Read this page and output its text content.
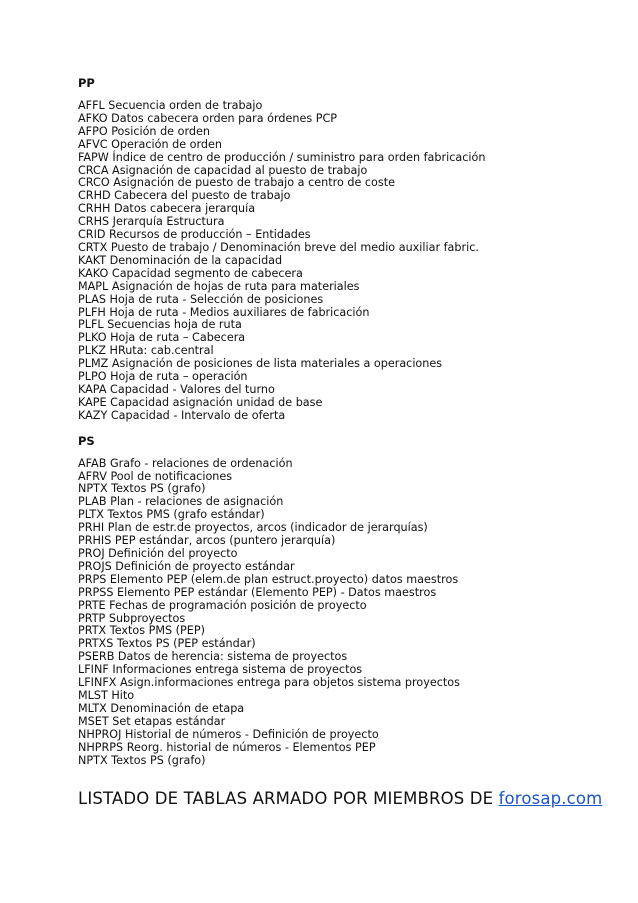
PP
AFFL Secuencia orden de trabajo
AFKO Datos cabecera orden para órdenes PCP
AFPO Posición de orden
AFVC Operación de orden
FAPW Índice de centro de producción / suministro para orden fabricación
CRCA Asignación de capacidad al puesto de trabajo
CRCO Asignación de puesto de trabajo a centro de coste
CRHD Cabecera del puesto de trabajo
CRHH Datos cabecera jerarquía
CRHS Jerarquía Estructura
CRID Recursos de producción – Entidades
CRTX Puesto de trabajo / Denominación breve del medio auxiliar fabric.
KAKT Denominación de la capacidad
KAKO Capacidad segmento de cabecera
MAPL Asignación de hojas de ruta para materiales
PLAS Hoja de ruta - Selección de posiciones
PLFH Hoja de ruta - Medios auxiliares de fabricación
PLFL Secuencias hoja de ruta
PLKO Hoja de ruta – Cabecera
PLKZ HRuta: cab.central
PLMZ Asignación de posiciones de lista materiales a operaciones
PLPO Hoja de ruta – operación
KAPA Capacidad - Valores del turno
KAPE Capacidad asignación unidad de base
KAZY Capacidad - Intervalo de oferta
PS
AFAB Grafo - relaciones de ordenación
AFRV Pool de notificaciones
NPTX Textos PS (grafo)
PLAB Plan - relaciones de asignación
PLTX Textos PMS (grafo estándar)
PRHI Plan de estr.de proyectos, arcos (indicador de jerarquías)
PRHIS PEP estándar, arcos (puntero jerarquía)
PROJ Definición del proyecto
PROJS Definición de proyecto estándar
PRPS Elemento PEP (elem.de plan estruct.proyecto) datos maestros
PRPSS Elemento PEP estándar (Elemento PEP) - Datos maestros
PRTE Fechas de programación posición de proyecto
PRTP Subproyectos
PRTX Textos PMS (PEP)
PRTXS Textos PS (PEP estándar)
PSERB Datos de herencia: sistema de proyectos
LFINF Informaciones entrega sistema de proyectos
LFINFX Asign.informaciones entrega para objetos sistema proyectos
MLST Hito
MLTX Denominación de etapa
MSET Set etapas estándar
NHPROJ Historial de números - Definición de proyecto
NHPRPS Reorg. historial de números - Elementos PEP
NPTX Textos PS (grafo)
LISTADO DE TABLAS ARMADO POR MIEMBROS DE forosap.com
